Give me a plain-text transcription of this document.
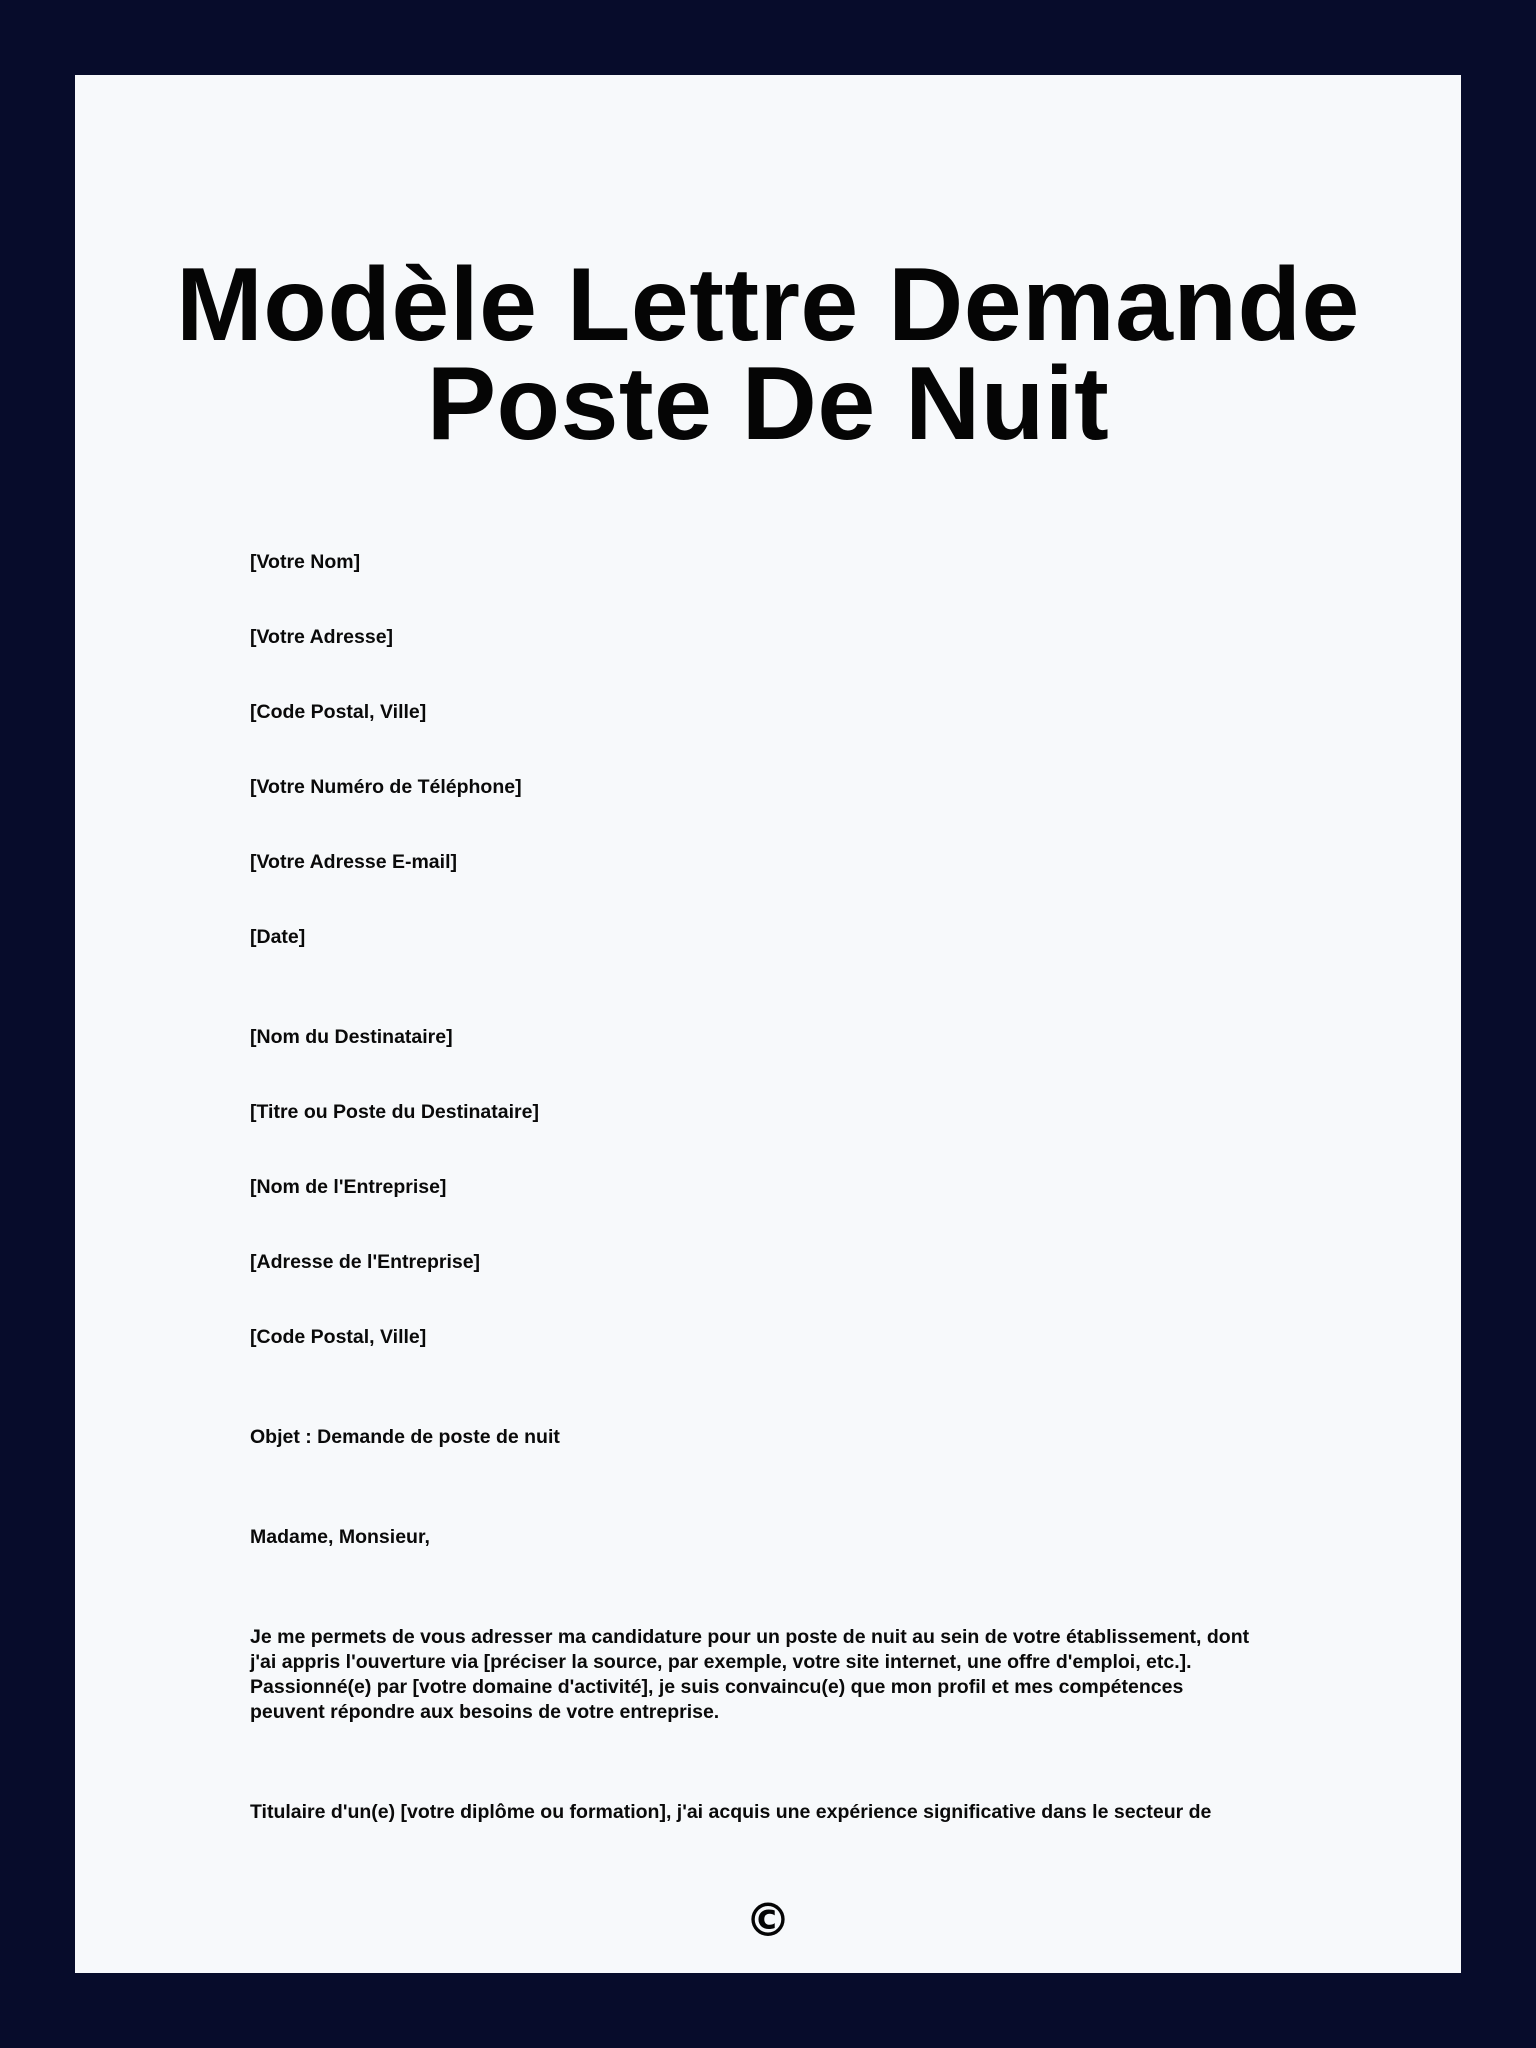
Modèle Lettre Demande
Poste De Nuit
[Votre Nom]
[Votre Adresse]
[Code Postal, Ville]
[Votre Numéro de Téléphone]
[Votre Adresse E-mail]
[Date]
[Nom du Destinataire]
[Titre ou Poste du Destinataire]
[Nom de l'Entreprise]
[Adresse de l'Entreprise]
[Code Postal, Ville]
Objet : Demande de poste de nuit
Madame, Monsieur,
Je me permets de vous adresser ma candidature pour un poste de nuit au sein de votre établissement, dont
j'ai appris l'ouverture via [préciser la source, par exemple, votre site internet, une offre d'emploi, etc.].
Passionné(e) par [votre domaine d'activité], je suis convaincu(e) que mon profil et mes compétences
peuvent répondre aux besoins de votre entreprise.
Titulaire d'un(e) [votre diplôme ou formation], j'ai acquis une expérience significative dans le secteur de
©
